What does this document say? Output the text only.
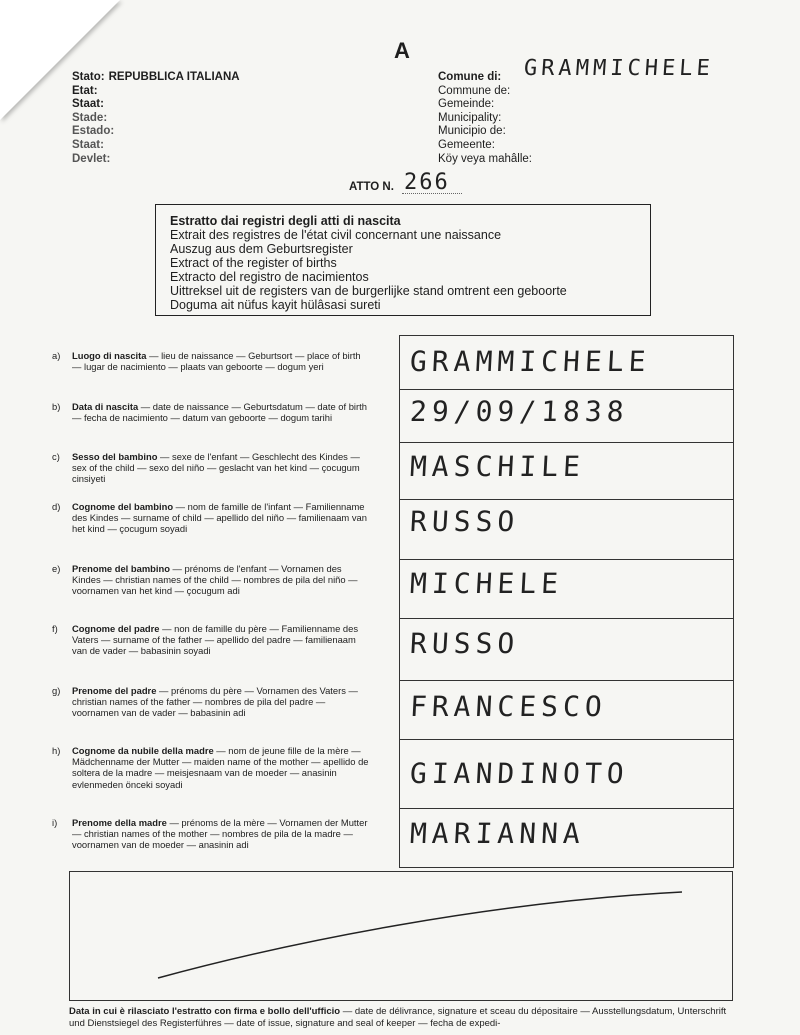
A
Stato: REPUBBLICA ITALIANA
Etat:
Staat:
Stade:
Estado:
Staat:
Devlet:
Comune di:
Commune de:
Gemeinde:
Municipality:
Municipio de:
Gemeente:
Köy veya mahâlle:
GRAMMICHELE
ATTO N. 266
Estratto dai registri degli atti di nascita
Extrait des registres de l'état civil concernant une naissance
Auszug aus dem Geburtsregister
Extract of the register of births
Extracto del registro de nacimientos
Uittreksel uit de registers van de burgerlijke stand omtrent een geboorte
Doguma ait nüfus kayit hülâsasi sureti
a) Luogo di nascita — lieu de naissance — Geburtsort — place of birth — lugar de nacimiento — plaats van geboorte — dogum yeri
b) Data di nascita — date de naissance — Geburtsdatum — date of birth — fecha de nacimiento — datum van geboorte — dogum tarihi
c) Sesso del bambino — sexe de l'enfant — Geschlecht des Kindes — sex of the child — sexo del niño — geslacht van het kind — çocugum cinsiyeti
d) Cognome del bambino — nom de famille de l'infant — Familienname des Kindes — surname of child — apellido del niño — familienaam van het kind — çocugum soyadi
e) Prenome del bambino — prénoms de l'enfant — Vornamen des Kindes — christian names of the child — nombres de pila del niño — voornamen van het kind — çocugum adi
f) Cognome del padre — non de famille du père — Familienname des Vaters — surname of the father — apellido del padre — familienaam van de vader — babasinin soyadi
g) Prenome del padre — prénoms du père — Vornamen des Vaters — christian names of the father — nombres de pila del padre — voornamen van de vader — babasinin adi
h) Cognome da nubile della madre — nom de jeune fille de la mère — Mädchenname der Mutter — maiden name of the mother — apellido de soltera de la madre — meisjesnaam van de moeder — anasinin evlenmeden önceki soyadi
i) Prenome della madre — prénoms de la mère — Vornamen der Mutter — christian names of the mother — nombres de pila de la madre — voornamen van de moeder — anasinin adi
GRAMMICHELE
29/09/1838
MASCHILE
RUSSO
MICHELE
RUSSO
FRANCESCO
GIANDINOTO
MARIANNA
Data in cui è rilasciato l'estratto con firma e bollo dell'ufficio — date de délivrance, signature et sceau du dépositaire — Ausstellungsdatum, Unterschrift und Dienstsiegel des Registerführes — date of issue, signature and seal of keeper — fecha de expedi-
